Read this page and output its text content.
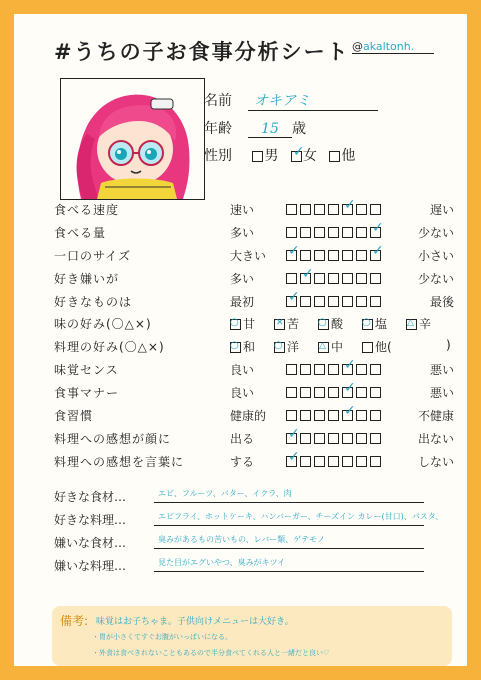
#うちの子お食事分析シート @akaltonh.
名前 オキアミ
年齢 15 歳
性別 男 ✓ 女 他
食べる速度	速い ✓	遅い
食べる量	多い ✓	少ない
一口のサイズ	大きい ✓ ✓	小さい
好き嫌いが	多い ✓	少ない
好きなものは	最初 ✓	最後
味の好み(〇△×) ○	甘 ✕	苦 ○	酸 ○	塩 △	辛
料理の好み(〇△×) ○	和 ○	洋 △	中	他(	)
味覚センス	良い ✓	悪い
食事マナー	良い ✓	悪い
食習慣	健康的 ✓	不健康
料理への感想が顔に	出る ✓	出ない
料理への感想を言葉に	する ✓	しない
好きな食材…	エビ、フルーツ、バター、イクラ、肉
好きな料理…	エビフライ、ホットケーキ、ハンバーガー、チーズイン カレー(甘口)、パスタ、
嫌いな食材…	臭みがあるもの苦いもの、レバー類、ゲテモノ
嫌いな料理…	見た目がエグいやつ、臭みがキツイ
備考: 味覚はお子ちゃま。子供向けメニューは大好き。
・胃が小さくてすぐお腹がいっぱいになる。
・外食は食べきれないこともあるので半分食べてくれる人と一緒だと良い♡
